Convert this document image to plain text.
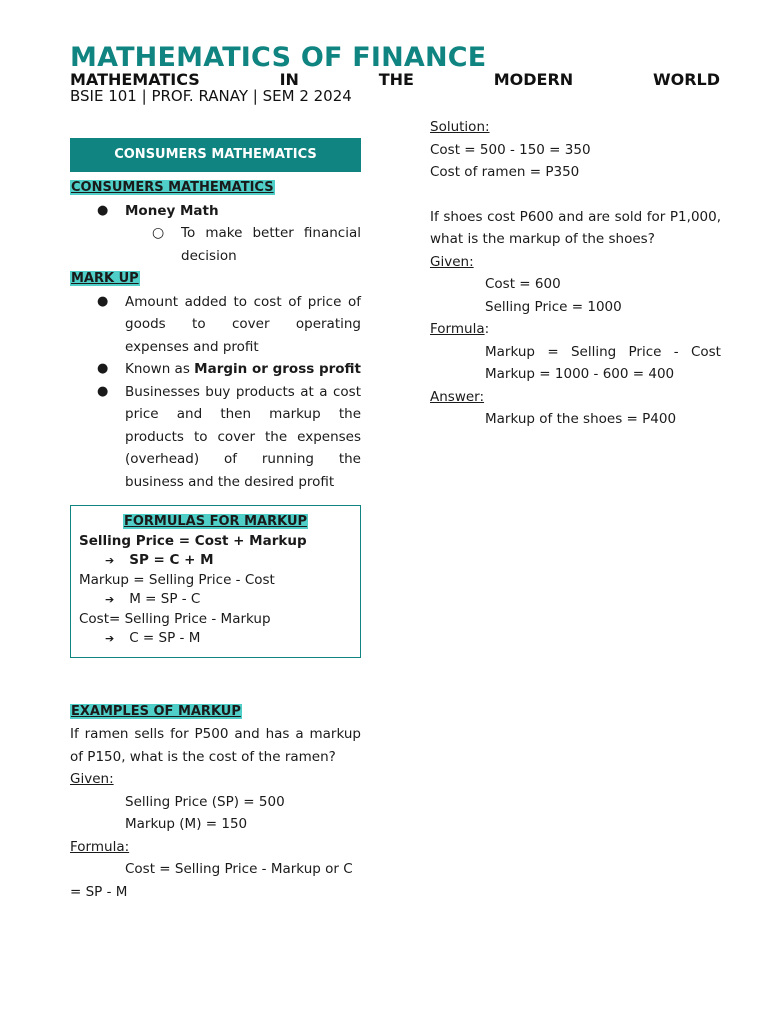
MATHEMATICS OF FINANCE
MATHEMATICS	IN	THE	MODERN	WORLD

BSIE 101 | PROF. RANAY | SEM 2 2024

CONSUMERS MATHEMATICS

CONSUMERS MATHEMATICS

● Money Math

○ To make better financial decision

MARK UP

● Amount added to cost of price of goods to cover operating expenses and profit

● Known as Margin or gross profit

● Businesses buy products at a cost price and then markup the products to cover the expenses (overhead) of running the business and the desired profit

FORMULAS FOR MARKUP

Selling Price = Cost + Markup

➔ SP = C + M

Markup = Selling Price - Cost

➔ M = SP - C

Cost= Selling Price - Markup

➔ C = SP - M

EXAMPLES OF MARKUP

If ramen sells for P500 and has a markup of P150, what is the cost of the ramen?

Given:

Selling Price (SP) = 500

Markup (M) = 150

Formula:

Cost = Selling Price - Markup or C

= SP - M

Solution:

Cost = 500 - 150 = 350

Cost of ramen = P350

If shoes cost P600 and are sold for P1,000, what is the markup of the shoes?

Given:

Cost = 600

Selling Price = 1000

Formula:

Markup = Selling Price - Cost

Markup = 1000 - 600 = 400

Answer:

Markup of the shoes = P400
